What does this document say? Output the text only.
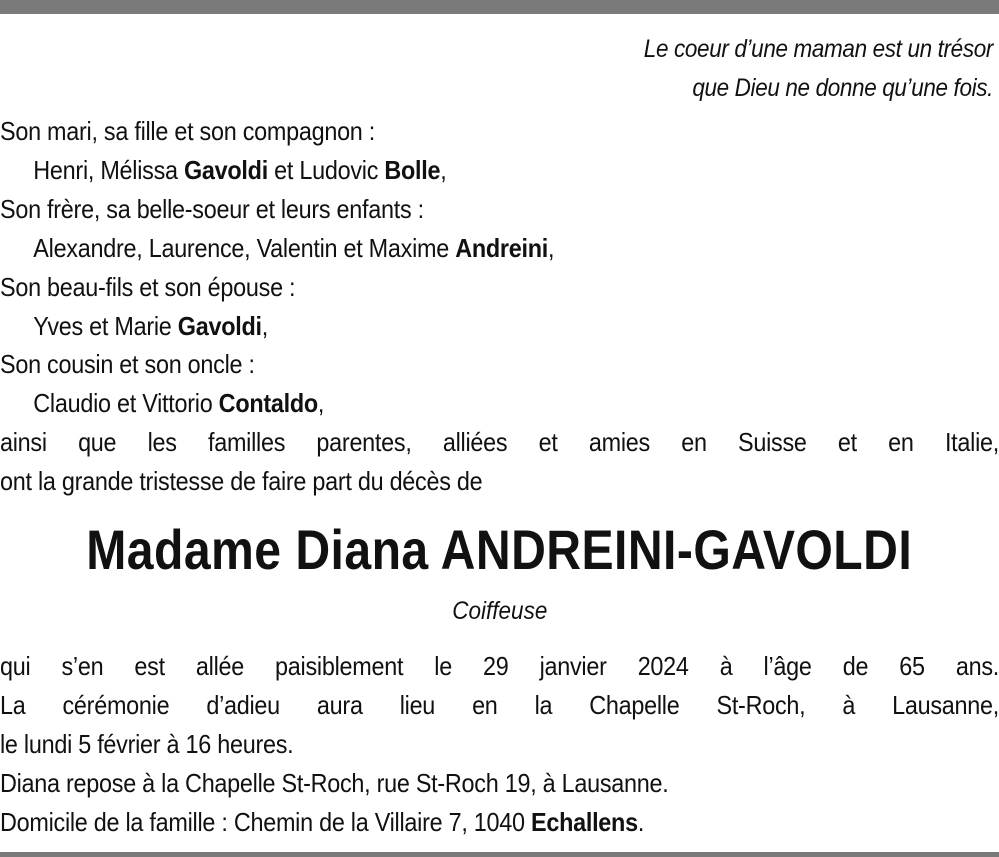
Le coeur d’une maman est un trésor
que Dieu ne donne qu’une fois.
Son mari, sa fille et son compagnon :
Henri, Mélissa Gavoldi et Ludovic Bolle,
Son frère, sa belle-soeur et leurs enfants :
Alexandre, Laurence, Valentin et Maxime Andreini,
Son beau-fils et son épouse :
Yves et Marie Gavoldi,
Son cousin et son oncle :
Claudio et Vittorio Contaldo,
ainsi que les familles parentes, alliées et amies en Suisse et en Italie,
ont la grande tristesse de faire part du décès de
Madame Diana ANDREINI-GAVOLDI
Coiffeuse
qui s’en est allée paisiblement le 29 janvier 2024 à l’âge de 65 ans.
La cérémonie d’adieu aura lieu en la Chapelle St-Roch, à Lausanne,
le lundi 5 février à 16 heures.
Diana repose à la Chapelle St-Roch, rue St-Roch 19, à Lausanne.
Domicile de la famille : Chemin de la Villaire 7, 1040 Echallens.
